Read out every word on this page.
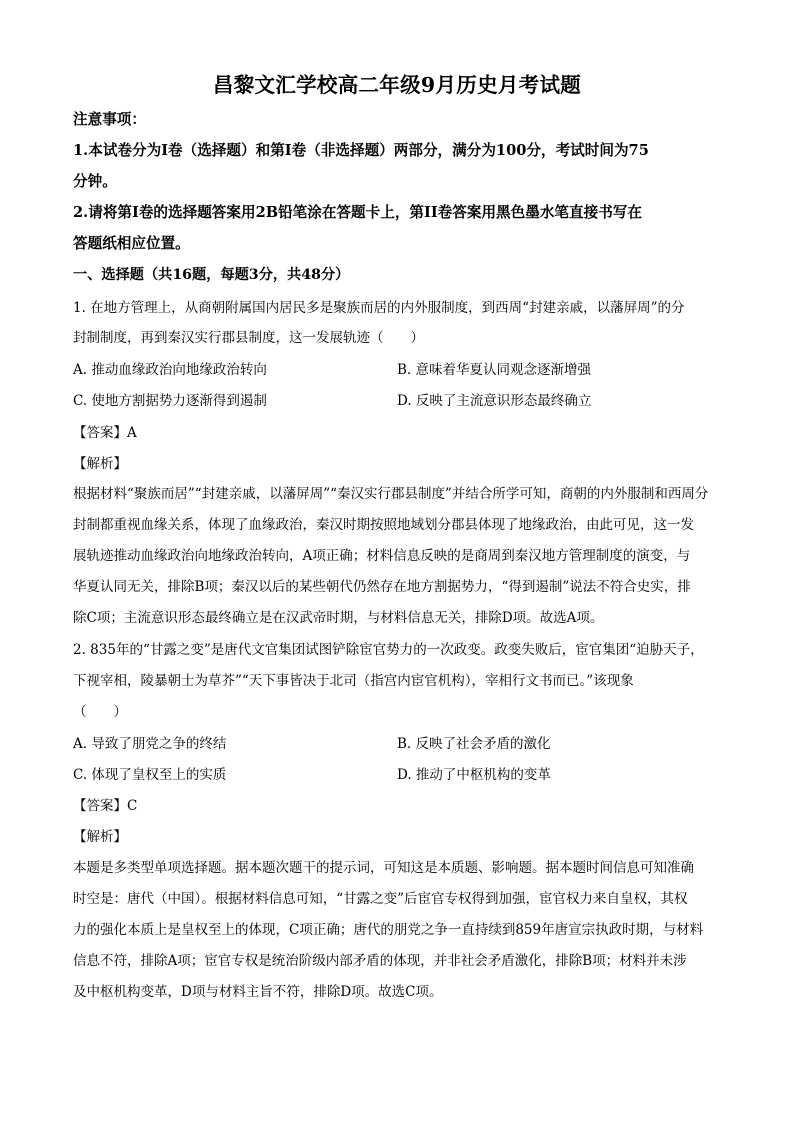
昌黎文汇学校高二年级9月历史月考试题
注意事项：
1.本试卷分为Ⅰ卷（选择题）和第Ⅰ卷（非选择题）两部分，满分为100分，考试时间为75
分钟。
2.请将第Ⅰ卷的选择题答案用2B铅笔涂在答题卡上，第II卷答案用黑色墨水笔直接书写在
答题纸相应位置。
一、选择题（共16题，每题3分，共48分）
1. 在地方管理上，从商朝附属国内居民多是聚族而居的内外服制度，到西周“封建亲戚，以藩屏周”的分
封制制度，再到秦汉实行郡县制度，这一发展轨迹（　　）
A. 推动血缘政治向地缘政治转向	B. 意味着华夏认同观念逐渐增强
C. 使地方割据势力逐渐得到遏制	D. 反映了主流意识形态最终确立
【答案】A
【解析】
根据材料“聚族而居”“封建亲戚，以藩屏周”“秦汉实行郡县制度”并结合所学可知，商朝的内外服制和西周分
封制都重视血缘关系，体现了血缘政治，秦汉时期按照地域划分郡县体现了地缘政治，由此可见，这一发
展轨迹推动血缘政治向地缘政治转向，A项正确；材料信息反映的是商周到秦汉地方管理制度的演变，与
华夏认同无关，排除B项；秦汉以后的某些朝代仍然存在地方割据势力，“得到遏制”说法不符合史实，排
除C项；主流意识形态最终确立是在汉武帝时期，与材料信息无关，排除D项。故选A项。
2. 835年的“甘露之变”是唐代文官集团试图铲除宦官势力的一次政变。政变失败后，宦官集团“迫胁天子，
下视宰相，陵暴朝士为草芥”“天下事皆决于北司（指宫内宦官机构），宰相行文书而已。”该现象
（　　）
A. 导致了朋党之争的终结	B. 反映了社会矛盾的激化
C. 体现了皇权至上的实质	D. 推动了中枢机构的变革
【答案】C
【解析】
本题是多类型单项选择题。据本题次题干的提示词，可知这是本质题、影响题。据本题时间信息可知准确
时空是：唐代（中国）。根据材料信息可知，“甘露之变”后宦官专权得到加强，宦官权力来自皇权，其权
力的强化本质上是皇权至上的体现，C项正确；唐代的朋党之争一直持续到859年唐宣宗执政时期，与材料
信息不符，排除A项；宦官专权是统治阶级内部矛盾的体现，并非社会矛盾激化，排除B项；材料并未涉
及中枢机构变革，D项与材料主旨不符，排除D项。故选C项。
